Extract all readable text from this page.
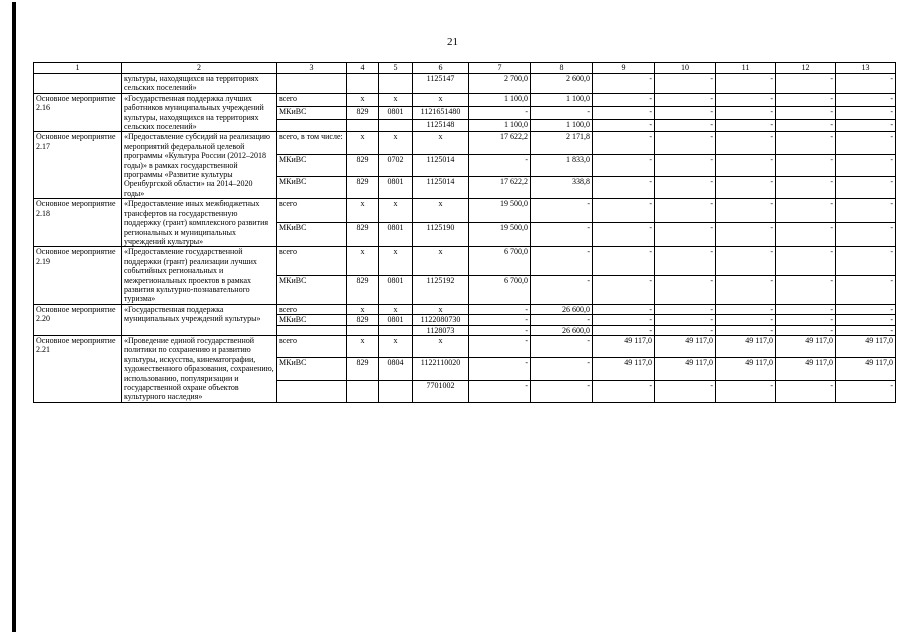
21
1	2	3	4	5	6	7	8	9	10	11	12	13
	культуры, находящихся на территориях сельских поселений»				1125147	2 700,0	2 600,0	-	-	-	-	-
Основное мероприятие 2.16	«Государственная поддержка лучших работников муниципальных учреждений культуры, находящихся на территориях сельских поселений»	всего	x	x	x	1 100,0	1 100,0	-	-	-	-	-
		МКиВС	829	0801	1121651480	-	-	-	-	-	-	-
					1125148	1 100,0	1 100,0	-	-	-	-	-
Основное мероприятие 2.17	«Предоставление субсидий на реализацию мероприятий федеральной целевой программы «Культура России (2012–2018 годы)» в рамках государственной программы «Развитие культуры Оренбургской области» на 2014–2020 годы»	всего, в том числе:	x	x	x	17 622,2	2 171,8	-	-	-	-	-
		МКиВС	829	0702	1125014	-	1 833,0	-	-	-	-	-
		МКиВС	829	0801	1125014	17 622,2	338,8	-	-	-	-	-
Основное мероприятие 2.18	«Предоставление иных межбюджетных трансфертов на государственную поддержку (грант) комплексного развития региональных и муниципальных учреждений культуры»	всего	x	x	x	19 500,0	-	-	-	-	-	-
		МКиВС	829	0801	1125190	19 500,0	-	-	-	-	-	-
Основное мероприятие 2.19	«Предоставление государственной поддержки (грант) реализации лучших событийных региональных и межрегиональных проектов в рамках развития культурно-познавательного туризма»	всего	x	x	x	6 700,0	-	-	-	-	-	-
		МКиВС	829	0801	1125192	6 700,0	-	-	-	-	-	-
Основное мероприятие 2.20	«Государственная поддержка муниципальных учреждений культуры»	всего	x	x	x	-	26 600,0	-	-	-	-	-
		МКиВС	829	0801	1122080730	-	-	-	-	-	-	-
					1128073	-	26 600,0	-	-	-	-	-
Основное мероприятие 2.21	«Проведение единой государственной политики по сохранению и развитию культуры, искусства, кинематографии, художественного образования, сохранению, использованию, популяризации и государственной охране объектов культурного наследия»	всего	x	x	x	-	-	49 117,0	49 117,0	49 117,0	49 117,0	49 117,0
		МКиВС	829	0804	1122110020	-	-	49 117,0	49 117,0	49 117,0	49 117,0	49 117,0
					7701002	-	-	-	-	-	-	-
